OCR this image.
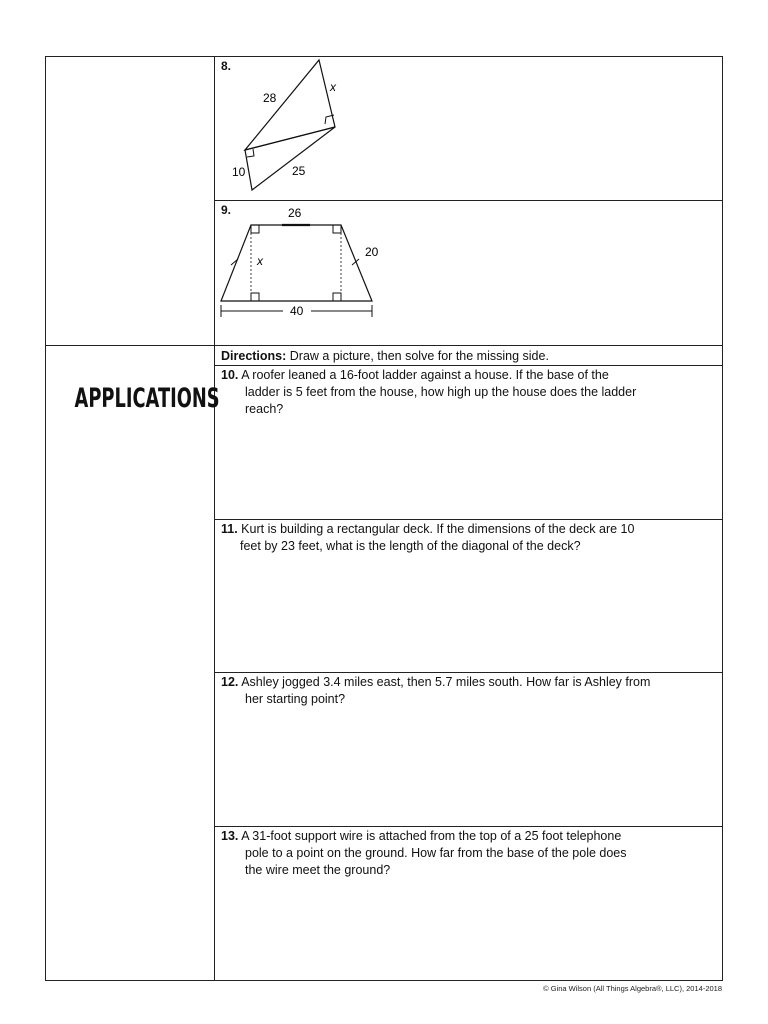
8.
28
x
10	25
9.	26
x
20
40
APPLICATIONS
Directions: Draw a picture, then solve for the missing side.
10. A roofer leaned a 16-foot ladder against a house. If the base of the
ladder is 5 feet from the house, how high up the house does the ladder
reach?
11. Kurt is building a rectangular deck. If the dimensions of the deck are 10
feet by 23 feet, what is the length of the diagonal of the deck?
12. Ashley jogged 3.4 miles east, then 5.7 miles south. How far is Ashley from
her starting point?
13. A 31-foot support wire is attached from the top of a 25 foot telephone
pole to a point on the ground. How far from the base of the pole does
the wire meet the ground?
© Gina Wilson (All Things Algebra®, LLC), 2014-2018
